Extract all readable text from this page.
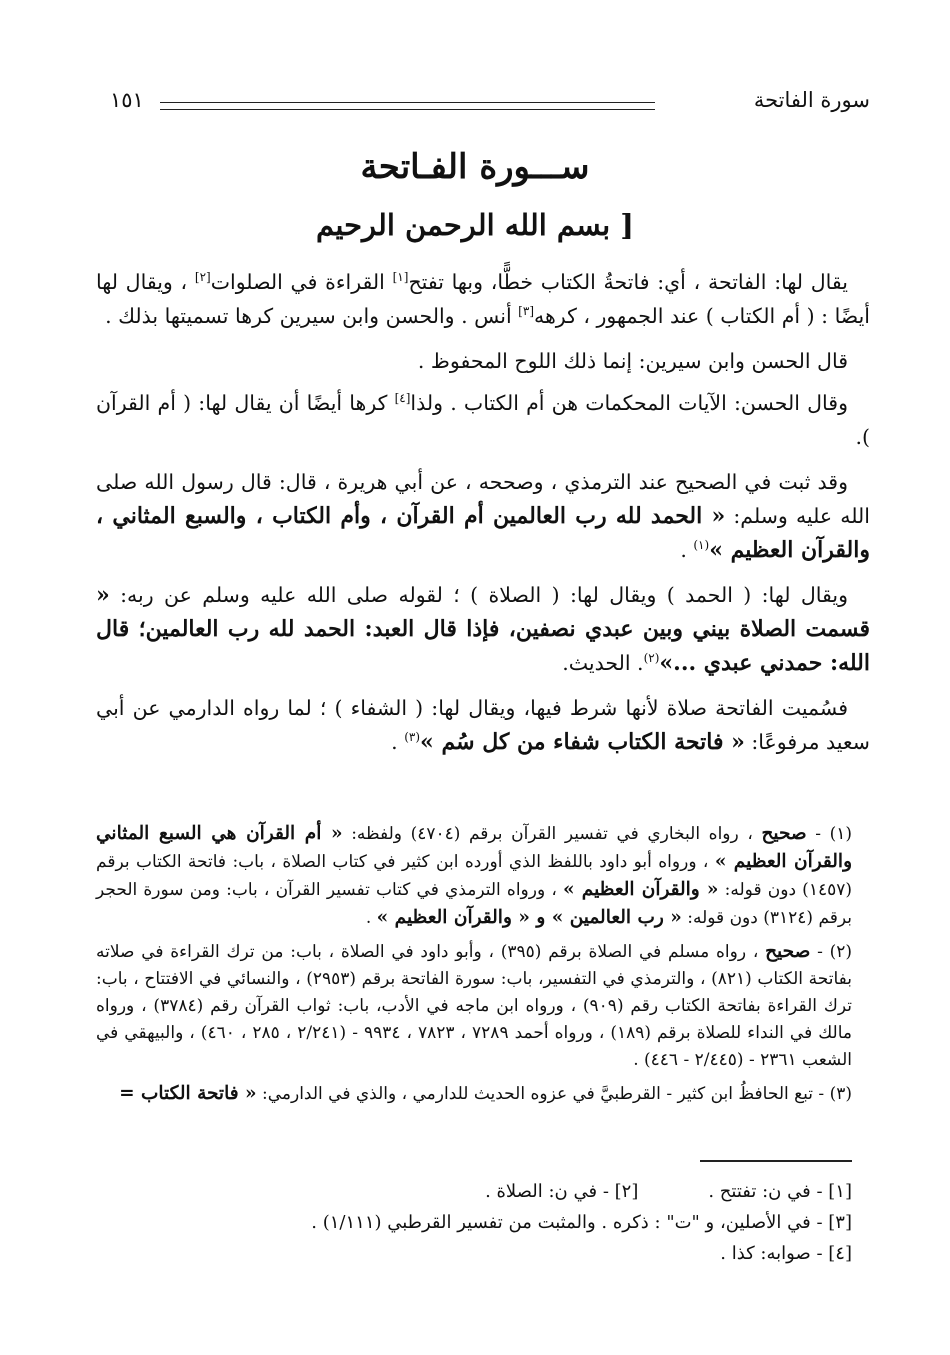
سورة الفاتحة
١٥١
ســـورة الفـاتحة
[ بسم الله الرحمن الرحيم

يقال لها: الفاتحة ، أي: فاتحةُ الكتاب خطًّا، وبها تفتح[١] القراءة في الصلوات[٢] ، ويقال لها أيضًا : ( أم الكتاب ) عند الجمهور ، كرهه[٣] أنس . والحسن وابن سيرين كرها تسميتها بذلك .

قال الحسن وابن سيرين: إنما ذلك اللوح المحفوظ .

وقال الحسن: الآيات المحكمات هن أم الكتاب . ولذا[٤] كرها أيضًا أن يقال لها: ( أم القرآن ).

وقد ثبت في الصحيح عند الترمذي ، وصححه ، عن أبي هريرة ، قال: قال رسول الله صلى الله عليه وسلم: « الحمد لله رب العالمين أم القرآن ، وأم الكتاب ، والسبع المثاني ، والقرآن العظيم »$^{(١)}$ .

ويقال لها: ( الحمد ) ويقال لها: ( الصلاة ) ؛ لقوله صلى الله عليه وسلم عن ربه: « قسمت الصلاة بيني وبين عبدي نصفين، فإذا قال العبد: الحمد لله رب العالمين؛ قال الله: حمدني عبدي ...»$^{(٢)}$. الحديث.

فسُميت الفاتحة صلاة لأنها شرط فيها، ويقال لها: ( الشفاء ) ؛ لما رواه الدارمي عن أبي سعيد مرفوعًا: « فاتحة الكتاب شفاء من كل سُم »$^{(٣)}$ .

(١) - صحيح ، رواه البخاري في تفسير القرآن برقم (٤٧٠٤) ولفظه: « أم القرآن هي السبع المثاني والقرآن العظيم » ، ورواه أبو داود باللفظ الذي أورده ابن كثير في كتاب الصلاة ، باب: فاتحة الكتاب برقم (١٤٥٧) دون قوله: « والقرآن العظيم » ، ورواه الترمذي في كتاب تفسير القرآن ، باب: ومن سورة الحجر برقم (٣١٢٤) دون قوله: « رب العالمين » و « والقرآن العظيم » .

(٢) - صحيح ، رواه مسلم في الصلاة برقم (٣٩٥) ، وأبو داود في الصلاة ، باب: من ترك القراءة في صلاته بفاتحة الكتاب (٨٢١) ، والترمذي في التفسير، باب: سورة الفاتحة برقم (٢٩٥٣) ، والنسائي في الافتتاح ، باب: ترك القراءة بفاتحة الكتاب رقم (٩٠٩) ، ورواه ابن ماجه في الأدب، باب: ثواب القرآن رقم (٣٧٨٤) ، ورواه مالك في النداء للصلاة برقم (١٨٩) ، ورواه أحمد ٧٢٨٩ ، ٧٨٢٣ ، ٩٩٣٤ - (٢/٢٤١ ، ٢٨٥ ، ٤٦٠) ، والبيهقي في الشعب ٢٣٦١ - (٢/٤٤٥ - ٤٤٦) .

(٣) - تبع الحافظُ ابن كثير - القرطبيَّ في عزوه الحديث للدارمي ، والذي في الدارمي: « فاتحة الكتاب =

[١] - في ن: تفتتح .[٢] - في ن: الصلاة .
[٣] - في الأصلين، و "ت" : ذكره . والمثبت من تفسير القرطبي (١/١١١) .
[٤] - صوابه: كذا .
